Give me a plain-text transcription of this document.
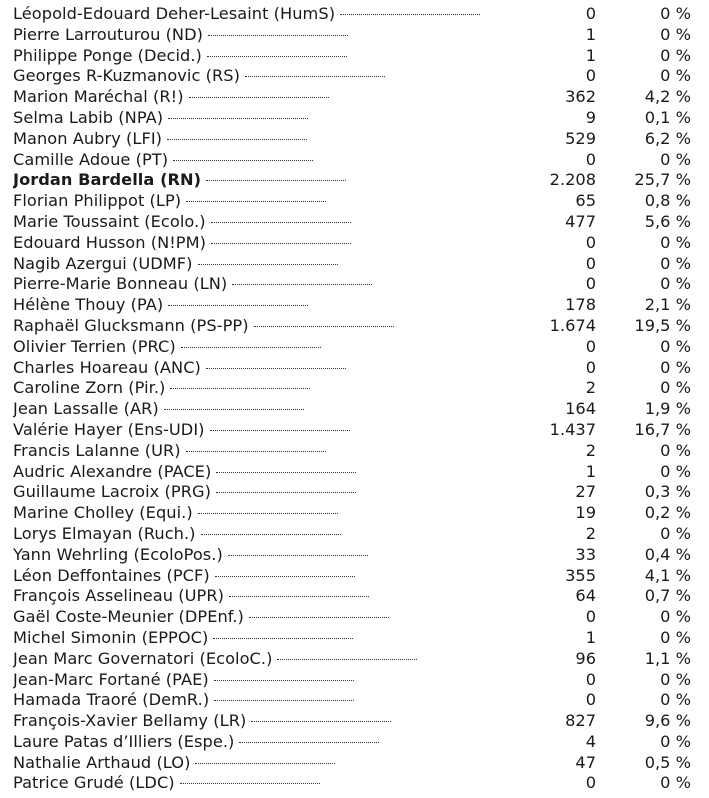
Léopold-Edouard Deher-Lesaint (HumS)	0	0 %
Pierre Larrouturou (ND)	1	0 %
Philippe Ponge (Decid.)	1	0 %
Georges R-Kuzmanovic (RS)	0	0 %
Marion Maréchal (R!)	362	4,2 %
Selma Labib (NPA)	9	0,1 %
Manon Aubry (LFI)	529	6,2 %
Camille Adoue (PT)	0	0 %
Jordan Bardella (RN)	2.208 25,7 %
Florian Philippot (LP)	65	0,8 %
Marie Toussaint (Ecolo.)	477	5,6 %
Edouard Husson (N!PM)	0	0 %
Nagib Azergui (UDMF)	0	0 %
Pierre-Marie Bonneau (LN)	0	0 %
Hélène Thouy (PA)	178	2,1 %
Raphaël Glucksmann (PS-PP)	1.674 19,5 %
Olivier Terrien (PRC)	0	0 %
Charles Hoareau (ANC)	0	0 %
Caroline Zorn (Pir.)	2	0 %
Jean Lassalle (AR)	164	1,9 %
Valérie Hayer (Ens-UDI)	1.437 16,7 %
Francis Lalanne (UR)	2	0 %
Audric Alexandre (PACE)	1	0 %
Guillaume Lacroix (PRG)	27	0,3 %
Marine Cholley (Equi.)	19	0,2 %
Lorys Elmayan (Ruch.)	2	0 %
Yann Wehrling (EcoloPos.)	33	0,4 %
Léon Deffontaines (PCF)	355	4,1 %
François Asselineau (UPR)	64	0,7 %
Gaël Coste-Meunier (DPEnf.)	0	0 %
Michel Simonin (EPPOC)	1	0 %
Jean Marc Governatori (EcoloC.)	96	1,1 %
Jean-Marc Fortané (PAE)	0	0 %
Hamada Traoré (DemR.)	0	0 %
François-Xavier Bellamy (LR)	827	9,6 %
Laure Patas d’Illiers (Espe.)	4	0 %
Nathalie Arthaud (LO)	47	0,5 %
Patrice Grudé (LDC)	0	0 %
